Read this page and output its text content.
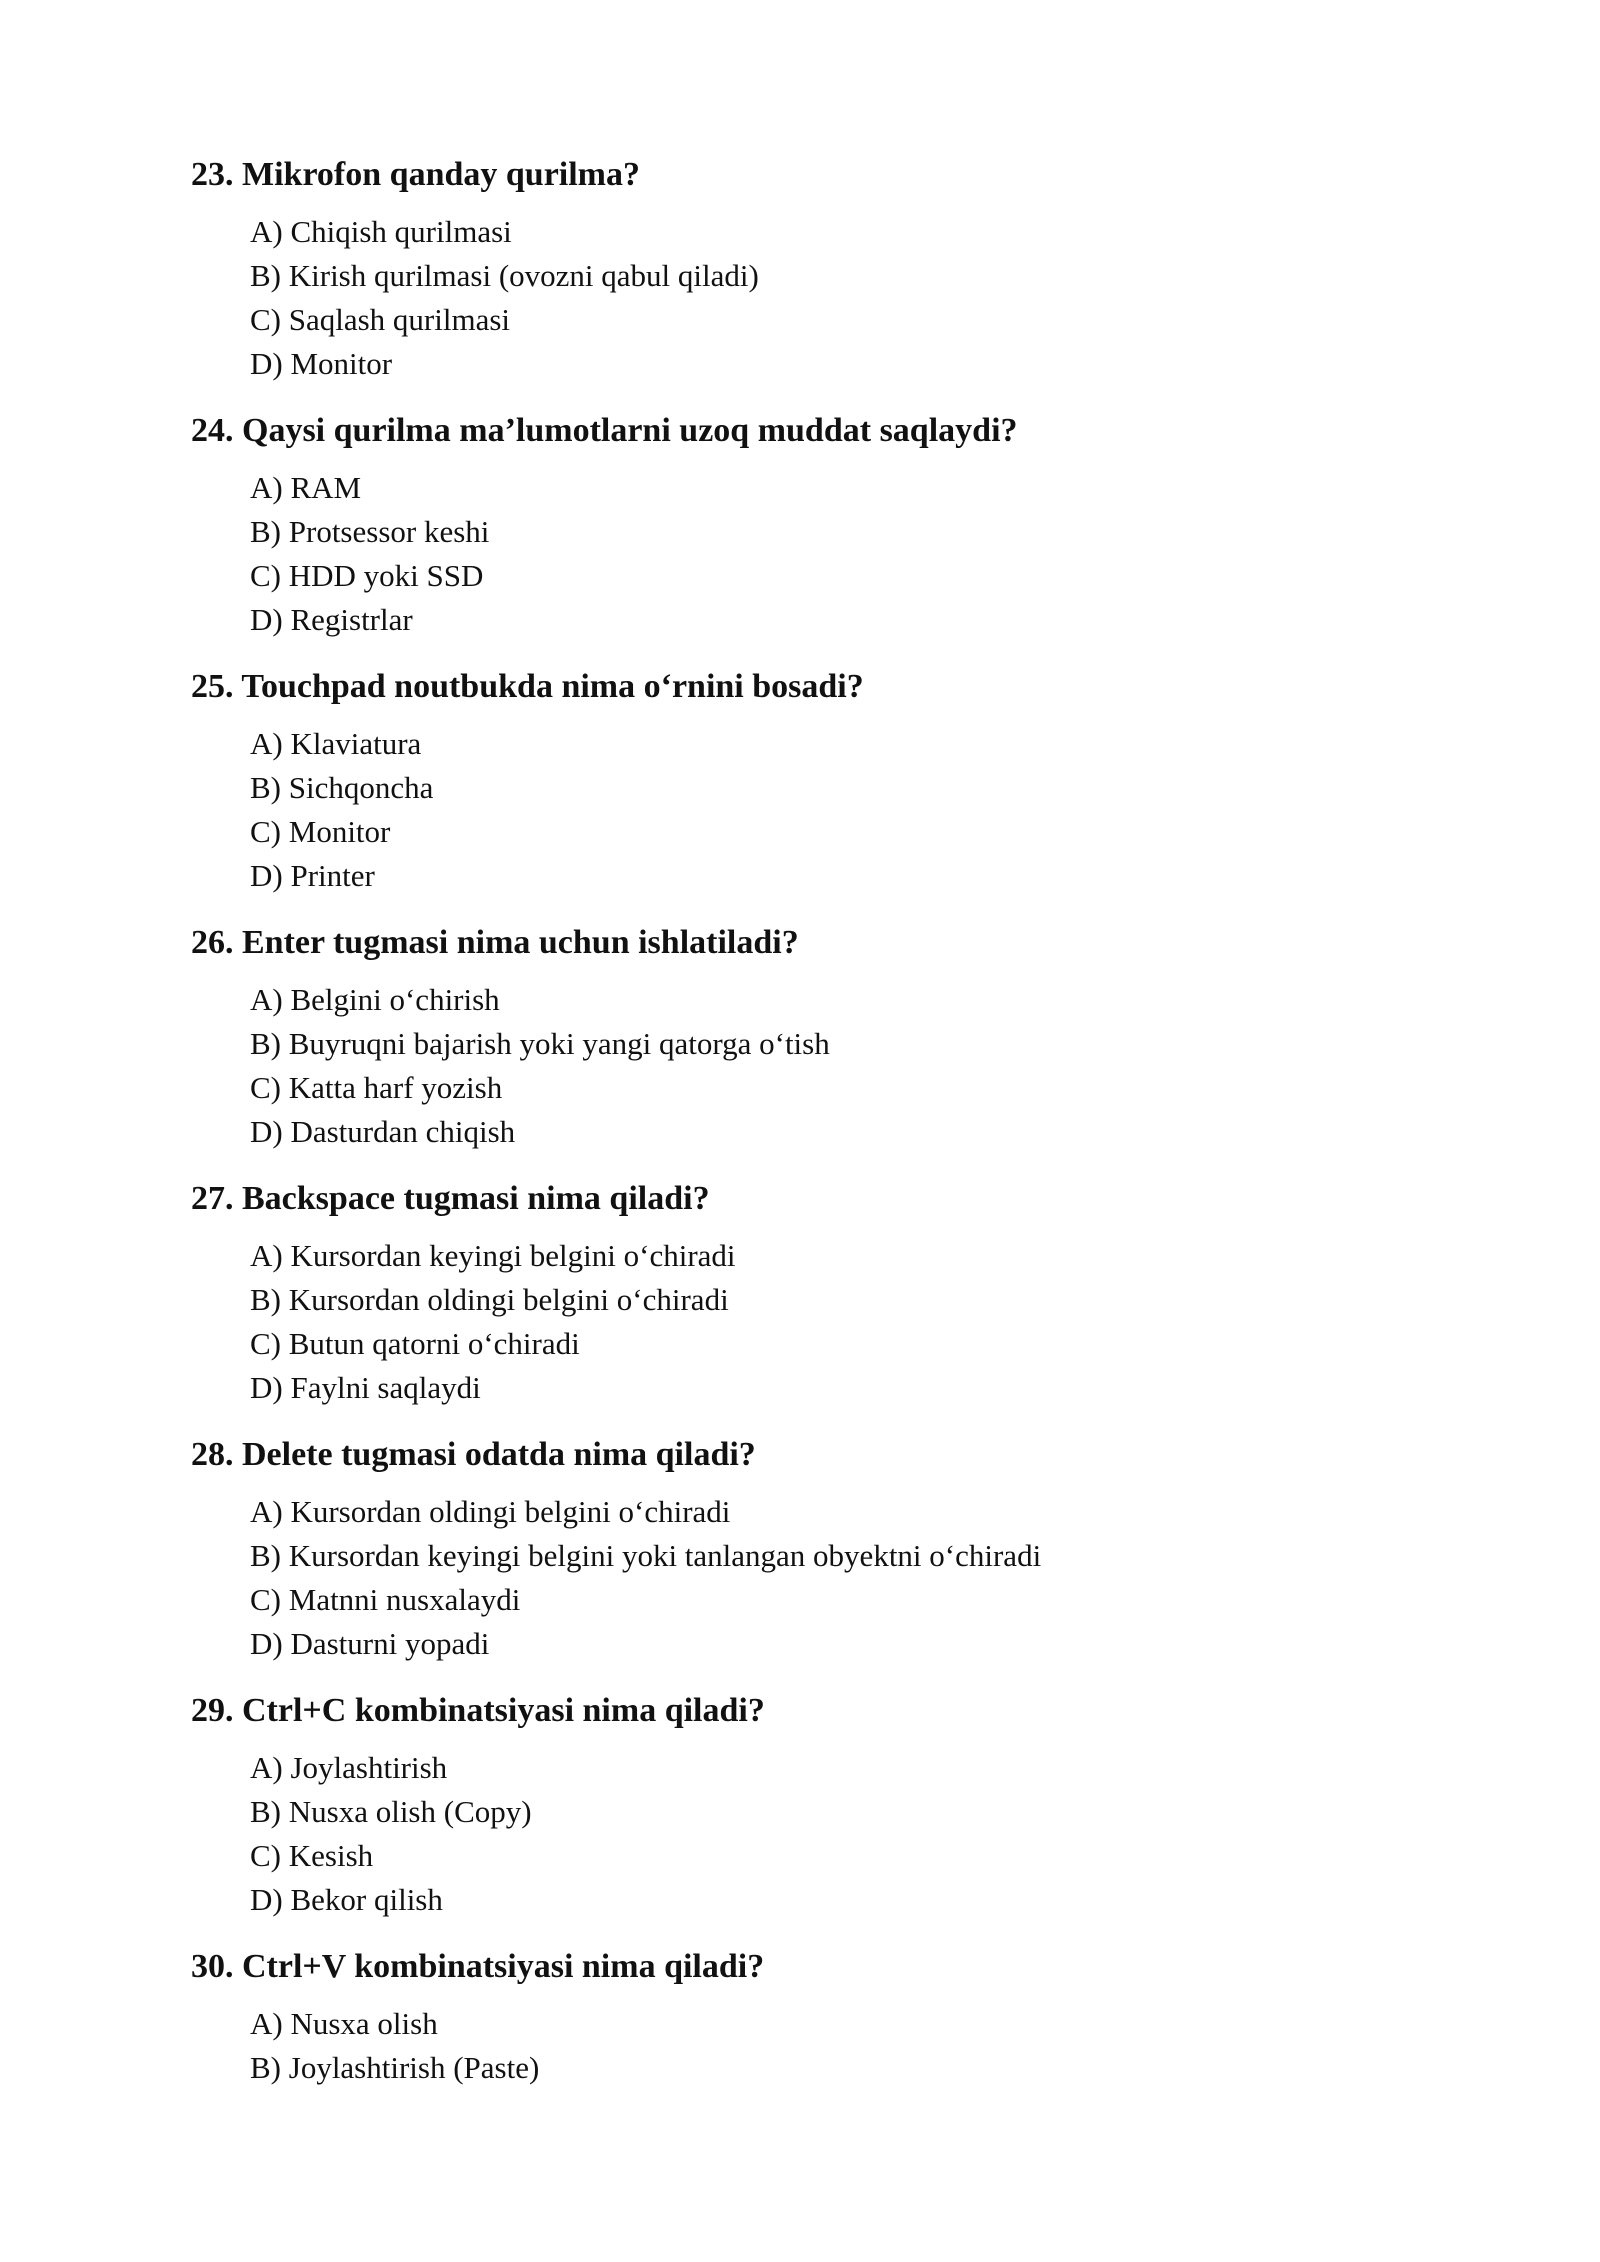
23. Mikrofon qanday qurilma?
A) Chiqish qurilmasi
B) Kirish qurilmasi (ovozni qabul qiladi)
C) Saqlash qurilmasi
D) Monitor
24. Qaysi qurilma ma’lumotlarni uzoq muddat saqlaydi?
A) RAM
B) Protsessor keshi
C) HDD yoki SSD
D) Registrlar
25. Touchpad noutbukda nima o‘rnini bosadi?
A) Klaviatura
B) Sichqoncha
C) Monitor
D) Printer
26. Enter tugmasi nima uchun ishlatiladi?
A) Belgini o‘chirish
B) Buyruqni bajarish yoki yangi qatorga o‘tish
C) Katta harf yozish
D) Dasturdan chiqish
27. Backspace tugmasi nima qiladi?
A) Kursordan keyingi belgini o‘chiradi
B) Kursordan oldingi belgini o‘chiradi
C) Butun qatorni o‘chiradi
D) Faylni saqlaydi
28. Delete tugmasi odatda nima qiladi?
A) Kursordan oldingi belgini o‘chiradi
B) Kursordan keyingi belgini yoki tanlangan obyektni o‘chiradi
C) Matnni nusxalaydi
D) Dasturni yopadi
29. Ctrl+C kombinatsiyasi nima qiladi?
A) Joylashtirish
B) Nusxa olish (Copy)
C) Kesish
D) Bekor qilish
30. Ctrl+V kombinatsiyasi nima qiladi?
A) Nusxa olish
B) Joylashtirish (Paste)
